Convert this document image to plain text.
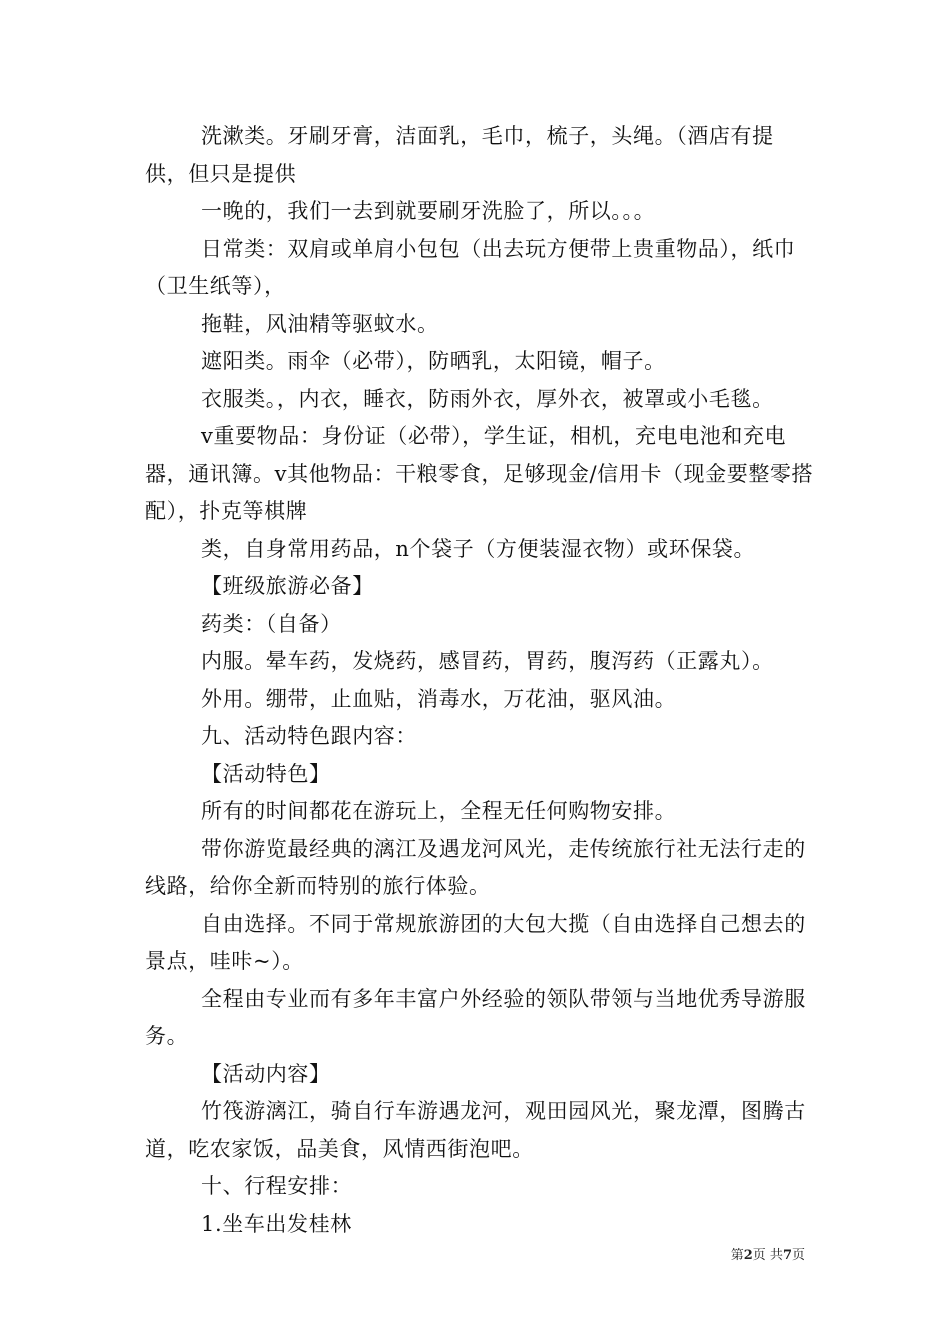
洗漱类。牙刷牙膏，洁面乳，毛巾，梳子，头绳。（酒店有提供，但只是提供

一晚的，我们一去到就要刷牙洗脸了，所以。。。

日常类：双肩或单肩小包包（出去玩方便带上贵重物品），纸巾（卫生纸等），

拖鞋，风油精等驱蚊水。

遮阳类。雨伞（必带），防晒乳，太阳镜，帽子。

衣服类。，内衣，睡衣，防雨外衣，厚外衣，被罩或小毛毯。

v重要物品：身份证（必带），学生证，相机，充电电池和充电器，通讯簿。v其他物品：干粮零食，足够现金/信用卡（现金要整零搭配），扑克等棋牌

类，自身常用药品，n个袋子（方便装湿衣物）或环保袋。

【班级旅游必备】

药类：（自备）

内服。晕车药，发烧药，感冒药，胃药，腹泻药（正露丸）。

外用。绷带，止血贴，消毒水，万花油，驱风油。

九、活动特色跟内容：

【活动特色】

所有的时间都花在游玩上，全程无任何购物安排。

带你游览最经典的漓江及遇龙河风光，走传统旅行社无法行走的线路，给你全新而特别的旅行体验。

自由选择。不同于常规旅游团的大包大揽（自由选择自己想去的景点，哇咔~）。

全程由专业而有多年丰富户外经验的领队带领与当地优秀导游服务。

【活动内容】

竹筏游漓江，骑自行车游遇龙河，观田园风光，聚龙潭，图腾古道，吃农家饭，品美食，风情西街泡吧。

十、行程安排：

1.坐车出发桂林

第2页 共7页
